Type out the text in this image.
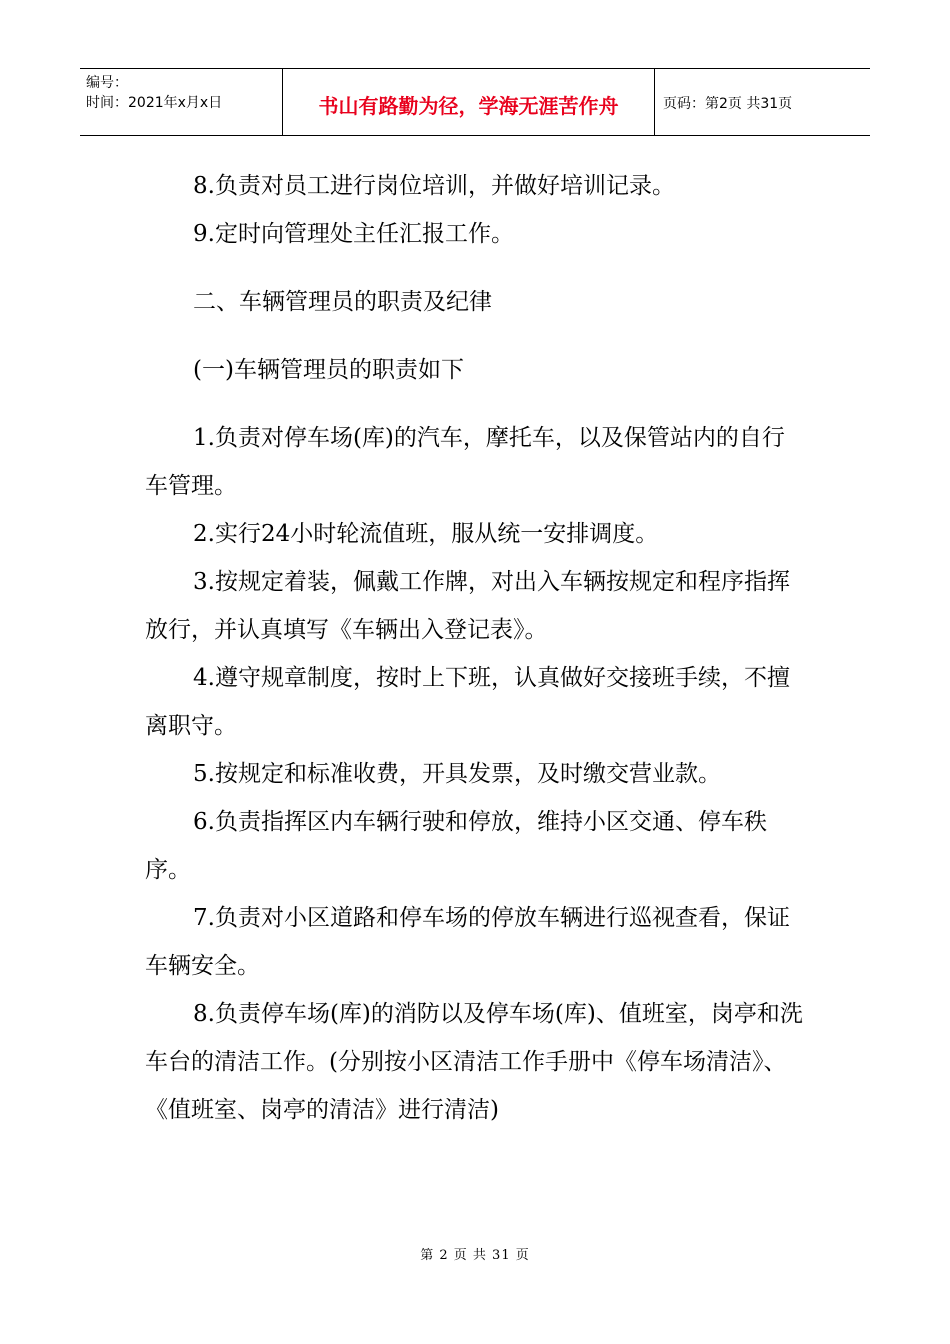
编号：
时间：2021年x月x日	书山有路勤为径，学海无涯苦作舟	页码：第2页 共31页

8.负责对员工进行岗位培训，并做好培训记录。

9.定时向管理处主任汇报工作。

二、车辆管理员的职责及纪律

(一)车辆管理员的职责如下

1.负责对停车场(库)的汽车，摩托车，以及保管站内的自行车管理。

2.实行24小时轮流值班，服从统一安排调度。

3.按规定着装，佩戴工作牌，对出入车辆按规定和程序指挥放行，并认真填写《车辆出入登记表》。

4.遵守规章制度，按时上下班，认真做好交接班手续，不擅离职守。

5.按规定和标准收费，开具发票，及时缴交营业款。

6.负责指挥区内车辆行驶和停放，维持小区交通、停车秩序。

7.负责对小区道路和停车场的停放车辆进行巡视查看，保证车辆安全。

8.负责停车场(库)的消防以及停车场(库)、值班室，岗亭和洗车台的清洁工作。(分别按小区清洁工作手册中《停车场清洁》、《值班室、岗亭的清洁》进行清洁)

第 2 页 共 31 页
